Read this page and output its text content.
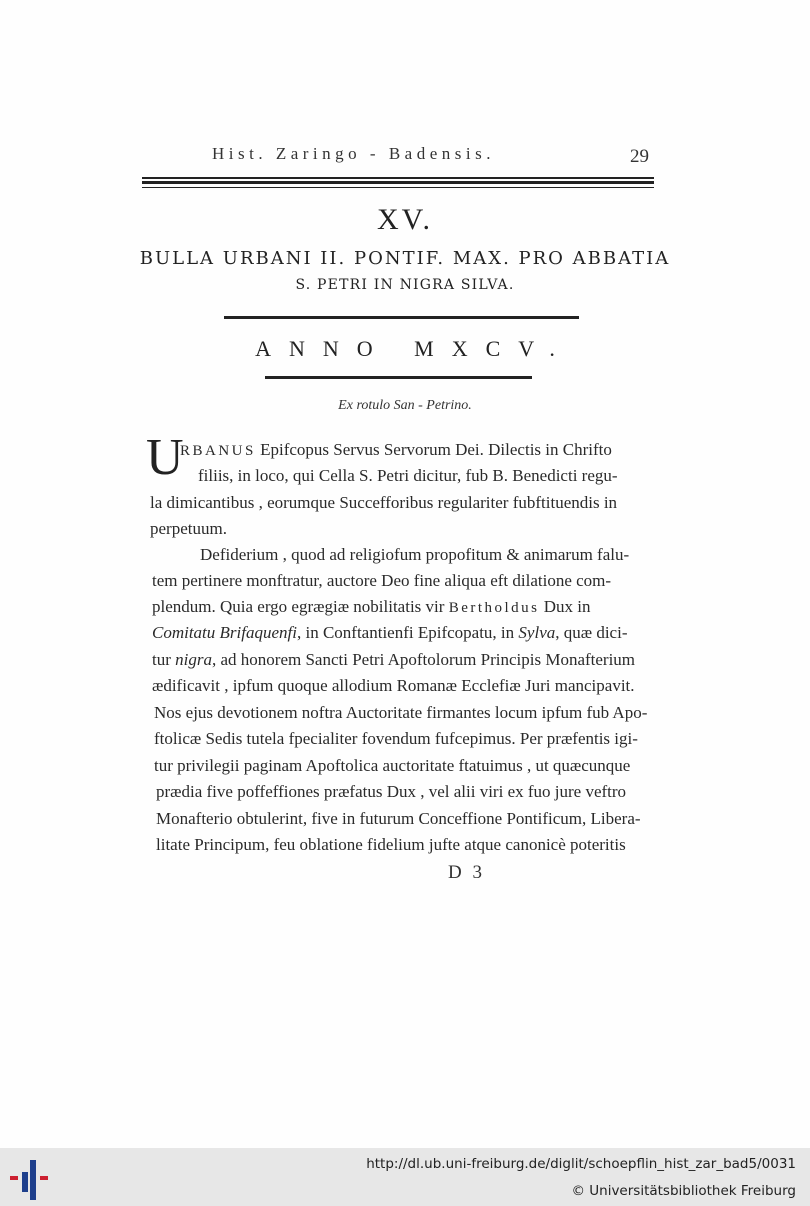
Hist. Zaringo - Badensis.	29
XV.
BULLA URBANI II. PONTIF. MAX. PRO ABBATIA
S. PETRI IN NIGRA SILVA.
ANNO MXCV.
Ex rotulo San - Petrino.
U
RBANUS Epifcopus Servus Servorum Dei. Dilectis in Chrifto
filiis, in loco, qui Cella S. Petri dicitur, fub B. Benedicti regu-
la dimicantibus , eorumque Succefforibus regulariter fubftituendis in
perpetuum.
Defiderium , quod ad religiofum propofitum & animarum falu-
tem pertinere monftratur, auctore Deo fine aliqua eft dilatione com-
plendum. Quia ergo egrægiæ nobilitatis vir Bertholdus Dux in
Comitatu Brifaquenfi, in Conftantienfi Epifcopatu, in Sylva, quæ dici-
tur nigra, ad honorem Sancti Petri Apoftolorum Principis Monafterium
ædificavit , ipfum quoque allodium Romanæ Ecclefiæ Juri mancipavit.
Nos ejus devotionem noftra Auctoritate firmantes locum ipfum fub Apo-
ftolicæ Sedis tutela fpecialiter fovendum fufcepimus. Per præfentis igi-
tur privilegii paginam Apoftolica auctoritate ftatuimus , ut quæcunque
prædia five poffeffiones præfatus Dux , vel alii viri ex fuo jure veftro
Monafterio obtulerint, five in futurum Conceffione Pontificum, Libera-
litate Principum, feu oblatione fidelium jufte atque canonicè poteritis
D 3
http://dl.ub.uni-freiburg.de/diglit/schoepflin_hist_zar_bad5/0031
© Universitätsbibliothek Freiburg
